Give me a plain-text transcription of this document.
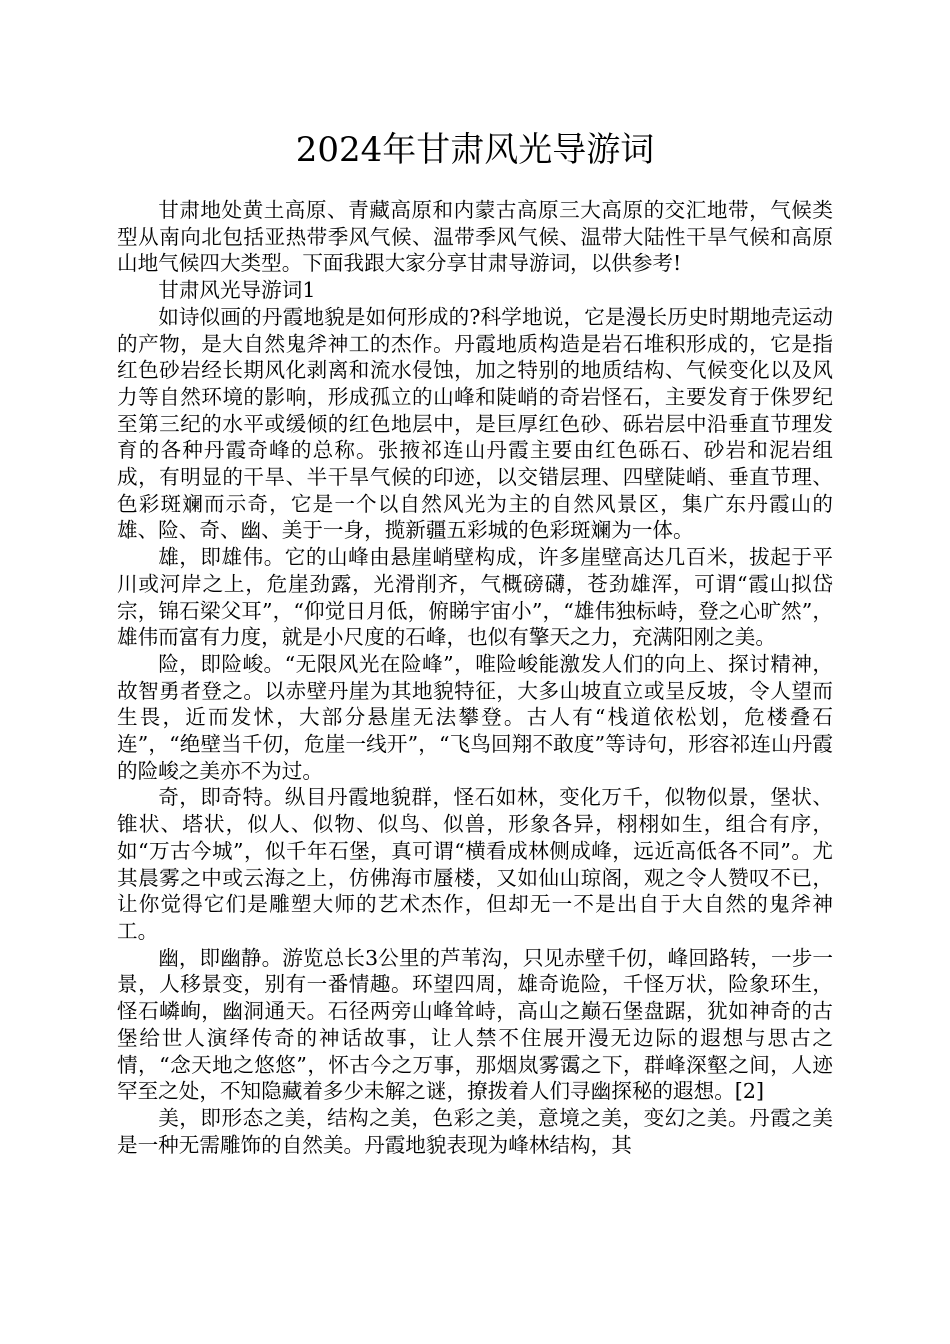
2024年甘肃风光导游词

甘肃地处黄土高原、青藏高原和内蒙古高原三大高原的交汇地带，气候类型从南向北包括亚热带季风气候、温带季风气候、温带大陆性干旱气候和高原山地气候四大类型。下面我跟大家分享甘肃导游词，以供参考!

甘肃风光导游词1

如诗似画的丹霞地貌是如何形成的?科学地说，它是漫长历史时期地壳运动的产物，是大自然鬼斧神工的杰作。丹霞地质构造是岩石堆积形成的，它是指红色砂岩经长期风化剥离和流水侵蚀，加之特别的地质结构、气候变化以及风力等自然环境的影响，形成孤立的山峰和陡峭的奇岩怪石，主要发育于侏罗纪至第三纪的水平或缓倾的红色地层中，是巨厚红色砂、砾岩层中沿垂直节理发育的各种丹霞奇峰的总称。张掖祁连山丹霞主要由红色砾石、砂岩和泥岩组成，有明显的干旱、半干旱气候的印迹，以交错层理、四壁陡峭、垂直节理、色彩斑斓而示奇，它是一个以自然风光为主的自然风景区，集广东丹霞山的雄、险、奇、幽、美于一身，揽新疆五彩城的色彩斑斓为一体。

雄，即雄伟。它的山峰由悬崖峭壁构成，许多崖壁高达几百米，拔起于平川或河岸之上，危崖劲露，光滑削齐，气概磅礴，苍劲雄浑，可谓“霞山拟岱宗，锦石梁父耳”，“仰觉日月低，俯睇宇宙小”，“雄伟独标峙，登之心旷然”，雄伟而富有力度，就是小尺度的石峰，也似有擎天之力，充满阳刚之美。

险，即险峻。“无限风光在险峰”，唯险峻能激发人们的向上、探讨精神，故智勇者登之。以赤壁丹崖为其地貌特征，大多山坡直立或呈反坡，令人望而生畏，近而发怵，大部分悬崖无法攀登。古人有“栈道依松划，危楼叠石连”，“绝壁当千仞，危崖一线开”，“飞鸟回翔不敢度”等诗句，形容祁连山丹霞的险峻之美亦不为过。

奇，即奇特。纵目丹霞地貌群，怪石如林，变化万千，似物似景，堡状、锥状、塔状，似人、似物、似鸟、似兽，形象各异，栩栩如生，组合有序，如“万古今城”，似千年石堡，真可谓“横看成林侧成峰，远近高低各不同”。尤其晨雾之中或云海之上，仿佛海市蜃楼，又如仙山琼阁，观之令人赞叹不已，让你觉得它们是雕塑大师的艺术杰作，但却无一不是出自于大自然的鬼斧神工。

幽，即幽静。游览总长3公里的芦苇沟，只见赤壁千仞，峰回路转，一步一景，人移景变，别有一番情趣。环望四周，雄奇诡险，千怪万状，险象环生，怪石嶙峋，幽洞通天。石径两旁山峰耸峙，高山之巅石堡盘踞，犹如神奇的古堡给世人演绎传奇的神话故事，让人禁不住展开漫无边际的遐想与思古之情，“念天地之悠悠”，怀古今之万事，那烟岚雾霭之下，群峰深壑之间，人迹罕至之处，不知隐藏着多少未解之谜，撩拨着人们寻幽探秘的遐想。[2]

美，即形态之美，结构之美，色彩之美，意境之美，变幻之美。丹霞之美是一种无需雕饰的自然美。丹霞地貌表现为峰林结构，其
